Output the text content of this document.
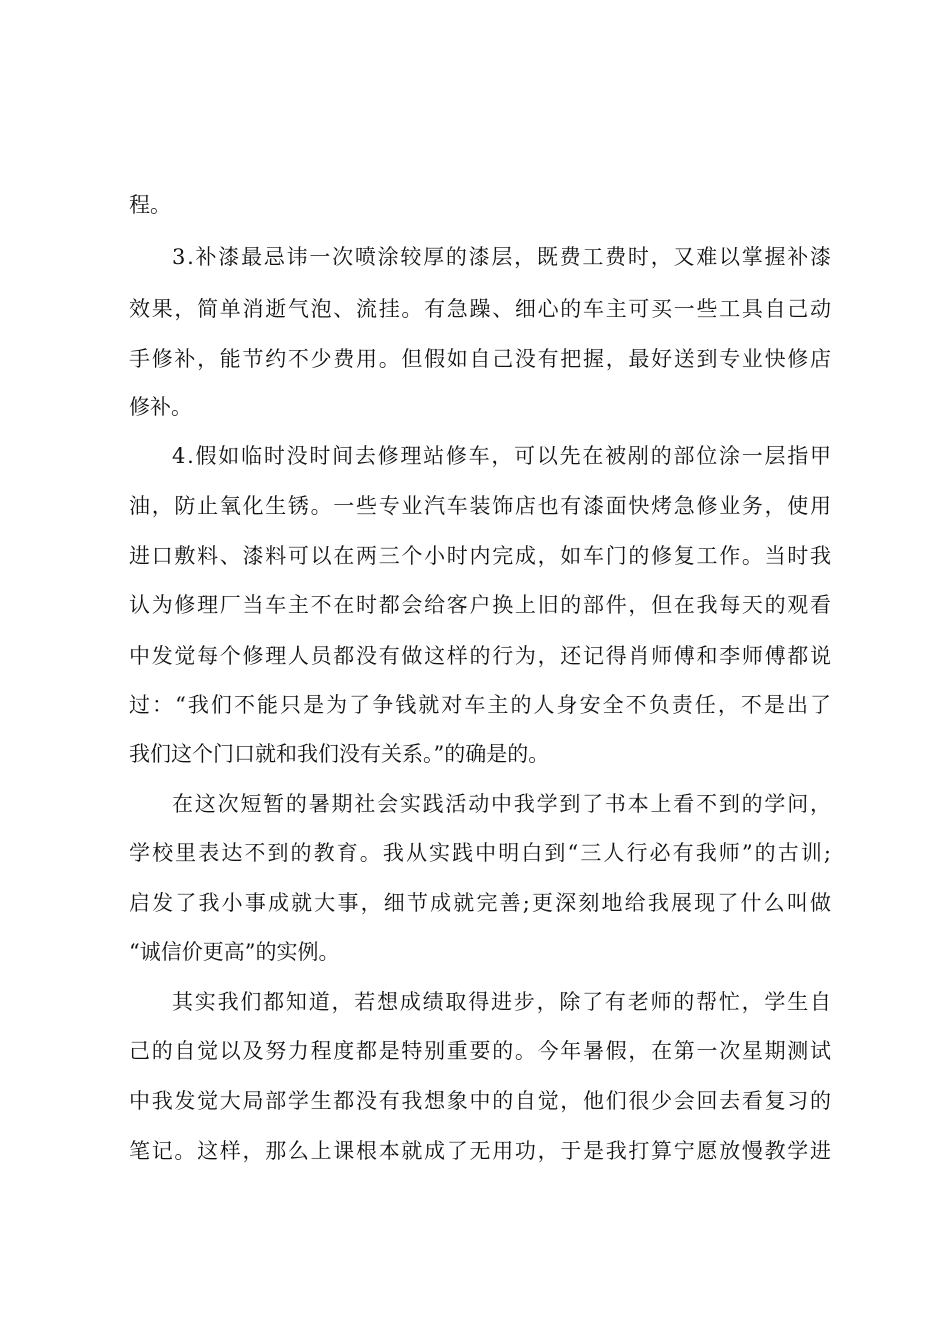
程。
3.补漆最忌讳一次喷涂较厚的漆层，既费工费时，又难以掌握补漆
效果，简单消逝气泡、流挂。有急躁、细心的车主可买一些工具自己动
手修补，能节约不少费用。但假如自己没有把握，最好送到专业快修店
修补。
4.假如临时没时间去修理站修车，可以先在被剐的部位涂一层指甲
油，防止氧化生锈。一些专业汽车装饰店也有漆面快烤急修业务，使用
进口敷料、漆料可以在两三个小时内完成，如车门的修复工作。当时我
认为修理厂当车主不在时都会给客户换上旧的部件，但在我每天的观看
中发觉每个修理人员都没有做这样的行为，还记得肖师傅和李师傅都说
过：“我们不能只是为了争钱就对车主的人身安全不负责任，不是出了
我们这个门口就和我们没有关系。”的确是的。
在这次短暂的暑期社会实践活动中我学到了书本上看不到的学问，
学校里表达不到的教育。我从实践中明白到“三人行必有我师”的古训;
启发了我小事成就大事，细节成就完善;更深刻地给我展现了什么叫做
“诚信价更高”的实例。
其实我们都知道，若想成绩取得进步，除了有老师的帮忙，学生自
己的自觉以及努力程度都是特别重要的。今年暑假，在第一次星期测试
中我发觉大局部学生都没有我想象中的自觉，他们很少会回去看复习的
笔记。这样，那么上课根本就成了无用功，于是我打算宁愿放慢教学进
